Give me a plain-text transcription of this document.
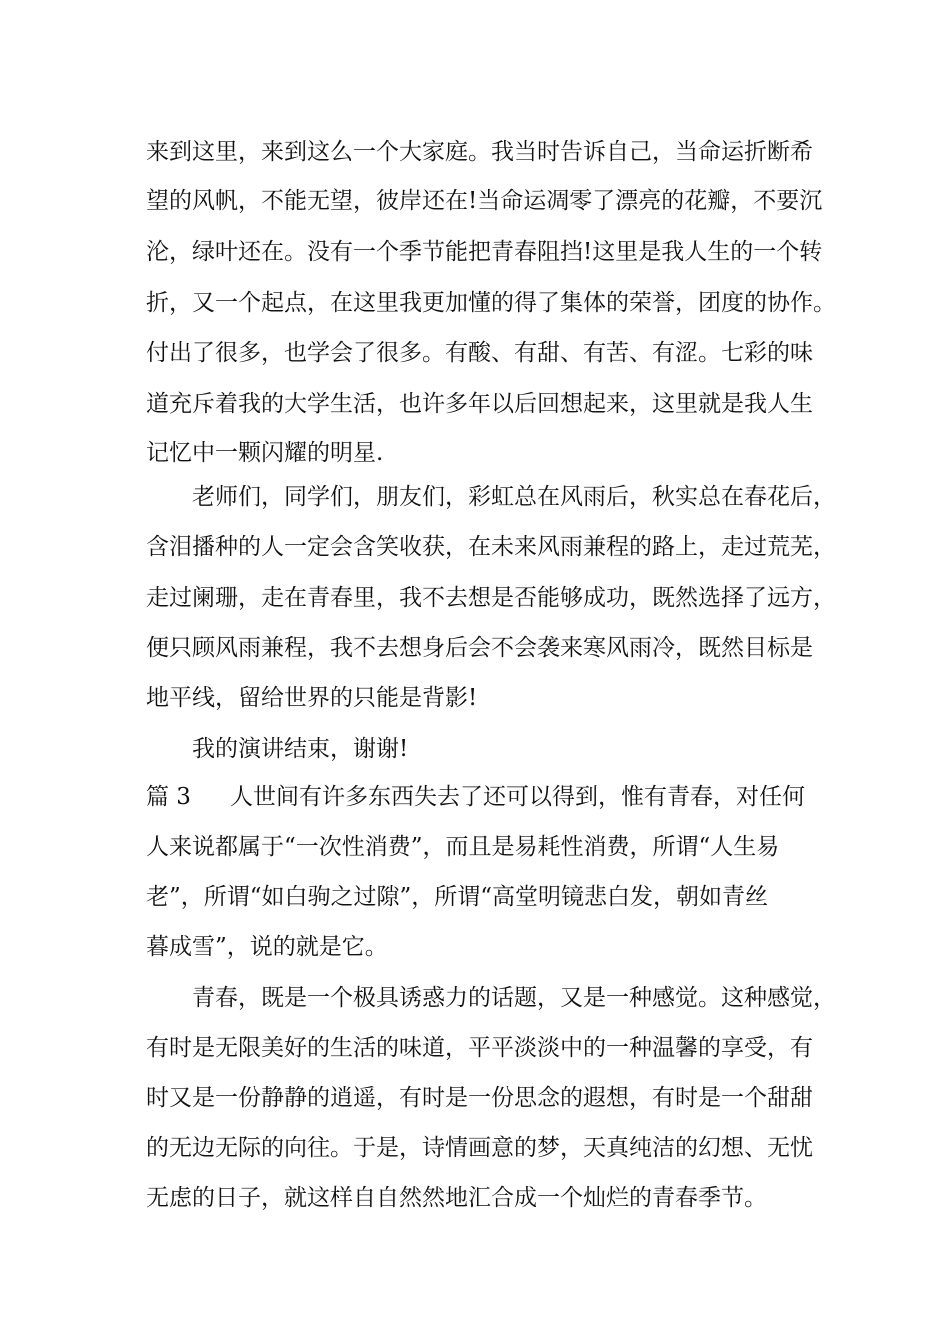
来到这里，来到这么一个大家庭。我当时告诉自己，当命运折断希

望的风帆，不能无望，彼岸还在!当命运凋零了漂亮的花瓣，不要沉

沦，绿叶还在。没有一个季节能把青春阻挡!这里是我人生的一个转

折，又一个起点，在这里我更加懂的得了集体的荣誉，团度的协作。

付出了很多，也学会了很多。有酸、有甜、有苦、有涩。七彩的味

道充斥着我的大学生活，也许多年以后回想起来，这里就是我人生

记忆中一颗闪耀的明星.

老师们，同学们，朋友们，彩虹总在风雨后，秋实总在春花后，

含泪播种的人一定会含笑收获，在未来风雨兼程的路上，走过荒芜，

走过阑珊，走在青春里，我不去想是否能够成功，既然选择了远方，

便只顾风雨兼程，我不去想身后会不会袭来寒风雨冷，既然目标是

地平线，留给世界的只能是背影!

我的演讲结束，谢谢!

篇 3 人世间有许多东西失去了还可以得到，惟有青春，对任何

人来说都属于“一次性消费”，而且是易耗性消费，所谓“人生易

老”，所谓“如白驹之过隙”，所谓“高堂明镜悲白发，朝如青丝

暮成雪”，说的就是它。

青春，既是一个极具诱惑力的话题，又是一种感觉。这种感觉，

有时是无限美好的生活的味道，平平淡淡中的一种温馨的享受，有

时又是一份静静的逍遥，有时是一份思念的遐想，有时是一个甜甜

的无边无际的向往。于是，诗情画意的梦，天真纯洁的幻想、无忧

无虑的日子，就这样自自然然地汇合成一个灿烂的青春季节。
